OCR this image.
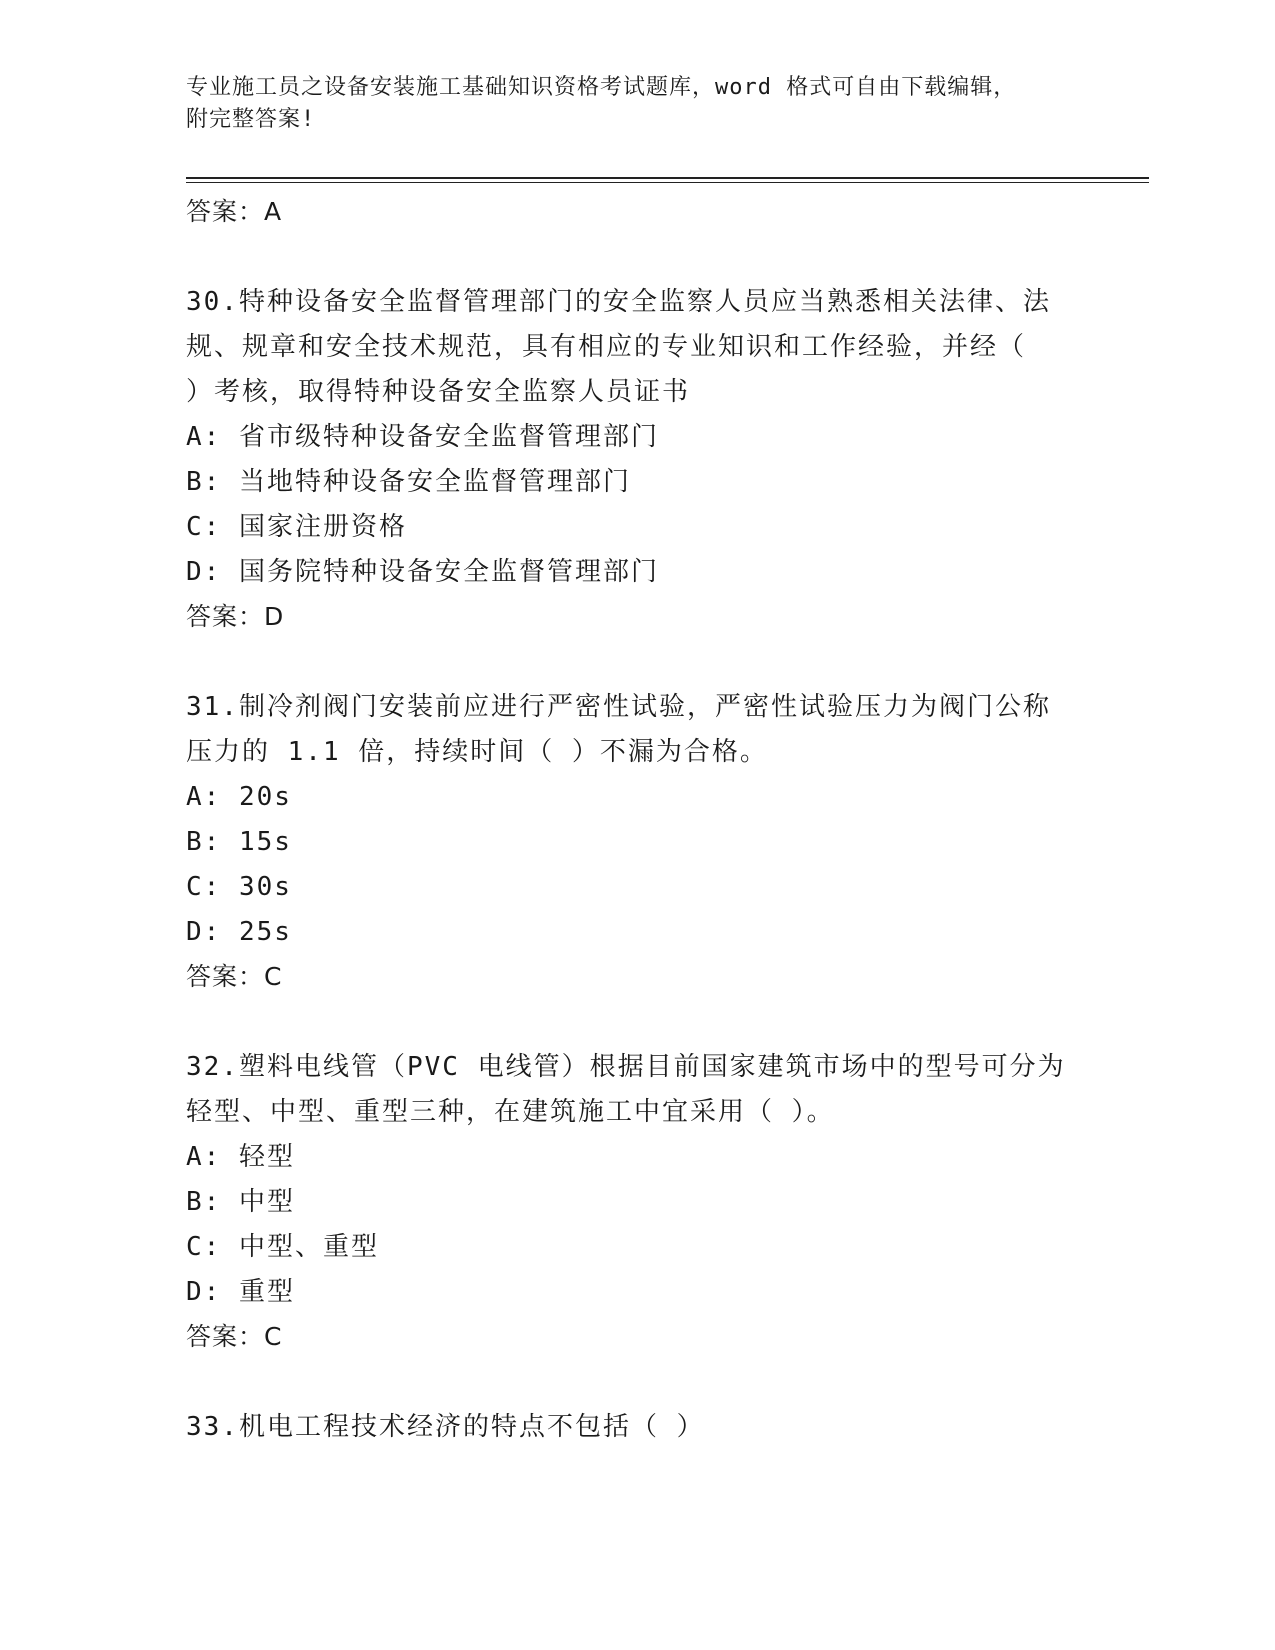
专业施工员之设备安装施工基础知识资格考试题库，word 格式可自由下载编辑，
附完整答案!

答案：A

30.特种设备安全监督管理部门的安全监察人员应当熟悉相关法律、法

规、规章和安全技术规范，具有相应的专业知识和工作经验，并经（

）考核，取得特种设备安全监察人员证书

A: 省市级特种设备安全监督管理部门

B: 当地特种设备安全监督管理部门

C: 国家注册资格

D: 国务院特种设备安全监督管理部门

答案：D

31.制冷剂阀门安装前应进行严密性试验，严密性试验压力为阀门公称

压力的 1.1 倍，持续时间（ ）不漏为合格。

A: 20s

B: 15s

C: 30s

D: 25s

答案：C

32.塑料电线管（PVC 电线管）根据目前国家建筑市场中的型号可分为

轻型、中型、重型三种，在建筑施工中宜采用（ ）。

A: 轻型

B: 中型

C: 中型、重型

D: 重型

答案：C

33.机电工程技术经济的特点不包括（ ）
